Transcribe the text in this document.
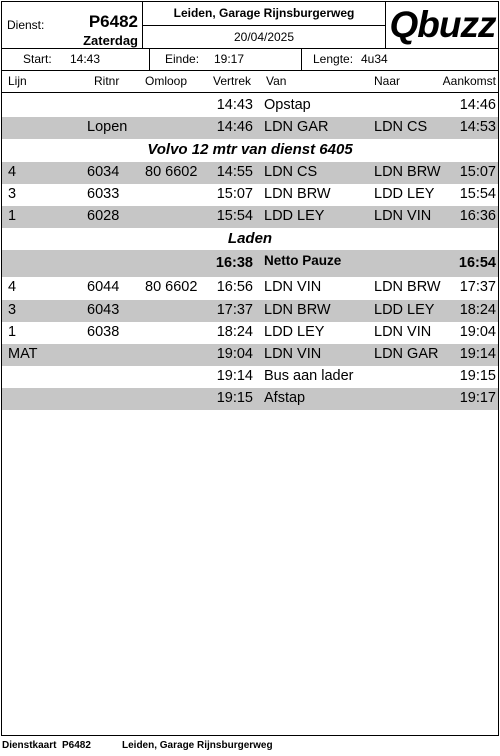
Dienst:	P6482
Zaterdag
Leiden, Garage Rijnsburgerweg
20/04/2025	Qbuzz
Start: 14:43	Einde: 19:17	Lengte: 4u34
Lijn	Ritnr Omloop Vertrek Van	Naar	Aankomst
14:43 Opstap	14:46
Lopen	14:46 LDN GAR	LDN CS 14:53
Volvo 12 mtr van dienst 6405
4	6034 80 6602 14:55 LDN CS	LDN BRW 15:07
3	6033	15:07 LDN BRW	LDD LEY 15:54
1	6028	15:54 LDD LEY	LDN VIN 16:36
Laden
16:38 Netto Pauze	16:54
4	6044 80 6602 16:56 LDN VIN	LDN BRW 17:37
3	6043	17:37 LDN BRW	LDD LEY 18:24
1	6038	18:24 LDD LEY	LDN VIN 19:04
MAT	19:04 LDN VIN	LDN GAR 19:14
19:14 Bus aan lader	19:15
19:15 Afstap	19:17
Dienstkaart P6482	Leiden, Garage Rijnsburgerweg
